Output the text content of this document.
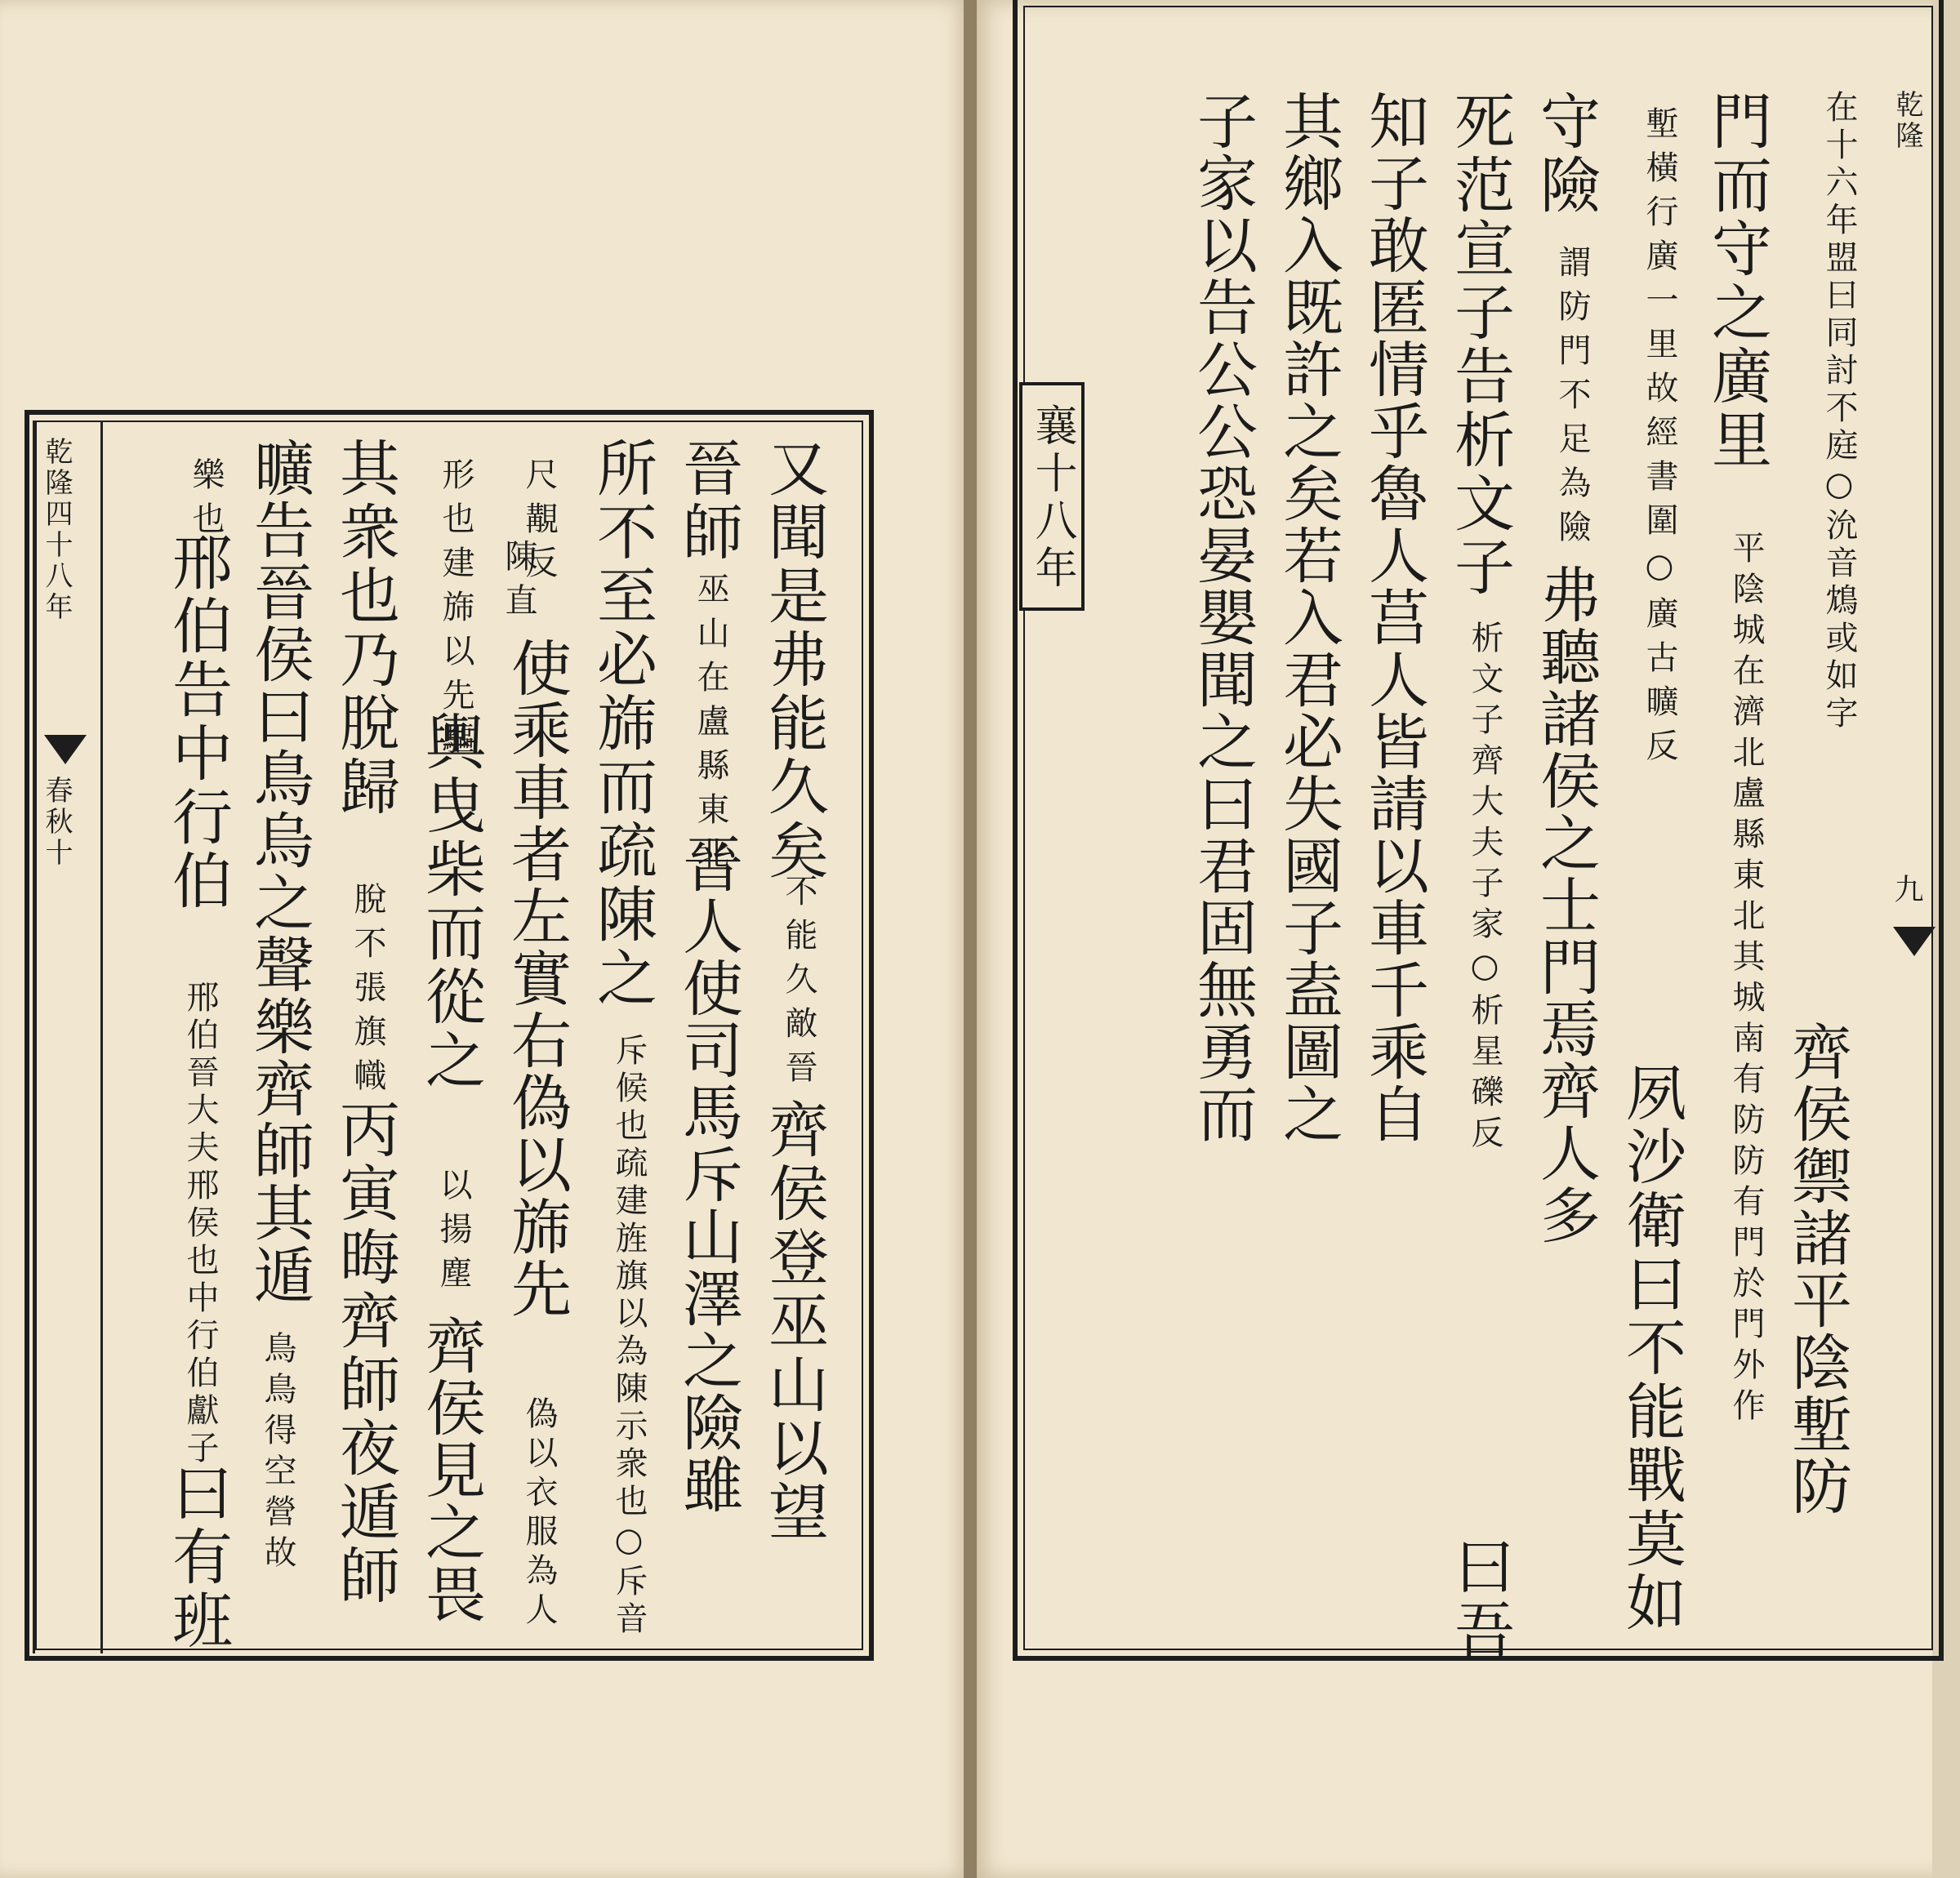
又聞是弗能久矣
不能久敵晉
齊侯登巫山以望
晉師
巫山在盧縣東北
晉人使司馬斥山澤之險雖
所不至必旆而疏陳之
斥候也疏建旌旗以為陳示衆也○斥音
尺覯反
陳直
使乘車者左實右偽以旆先
偽以衣服為人
形也建旆以先驅
輿曳柴而從之
以揚塵
齊侯見之畏
其衆也乃脫歸
脫不張旗幟
丙寅晦齊師夜遁師
曠告晉侯曰鳥烏之聲樂齊師其遁
鳥鳥得空營故
樂也
邢伯告中行伯
邢伯晉大夫邢侯也中行伯獻子
曰有班
乾隆四十八年
春秋十
襄十八年
乾隆
九
在十六年盟曰同討不庭○沇音鴆或如字
齊侯禦諸平陰塹防
門而守之廣里
平陰城在濟北盧縣東北其城南有防防有門於門外作
塹橫行廣一里故經書圍○廣古曠反
夙沙衛曰不能戰莫如
守險
謂防門不足為險
弗聽諸侯之士門焉齊人多
死范宣子告析文子
析文子齊大夫子家○析星礫反
曰吾
知子敢匿情乎魯人莒人皆請以車千乘自
其鄉入既許之矣若入君必失國子盍圖之
子家以告公公恐晏嬰聞之曰君固無勇而
